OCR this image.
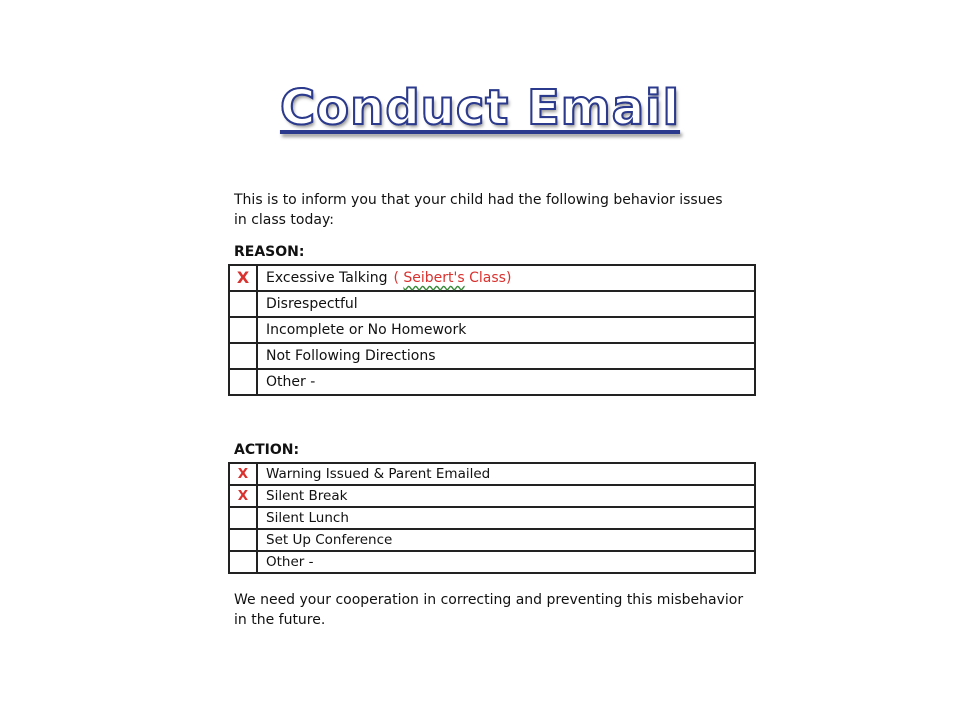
Conduct Email

This is to inform you that your child had the following behavior issues in class today:

REASON:

X	Excessive Talking ( Seibert's Class)
	Disrespectful
	Incomplete or No Homework
	Not Following Directions
	Other -

ACTION:

X	Warning Issued & Parent Emailed
X	Silent Break
	Silent Lunch
	Set Up Conference
	Other -

We need your cooperation in correcting and preventing this misbehavior in the future.
